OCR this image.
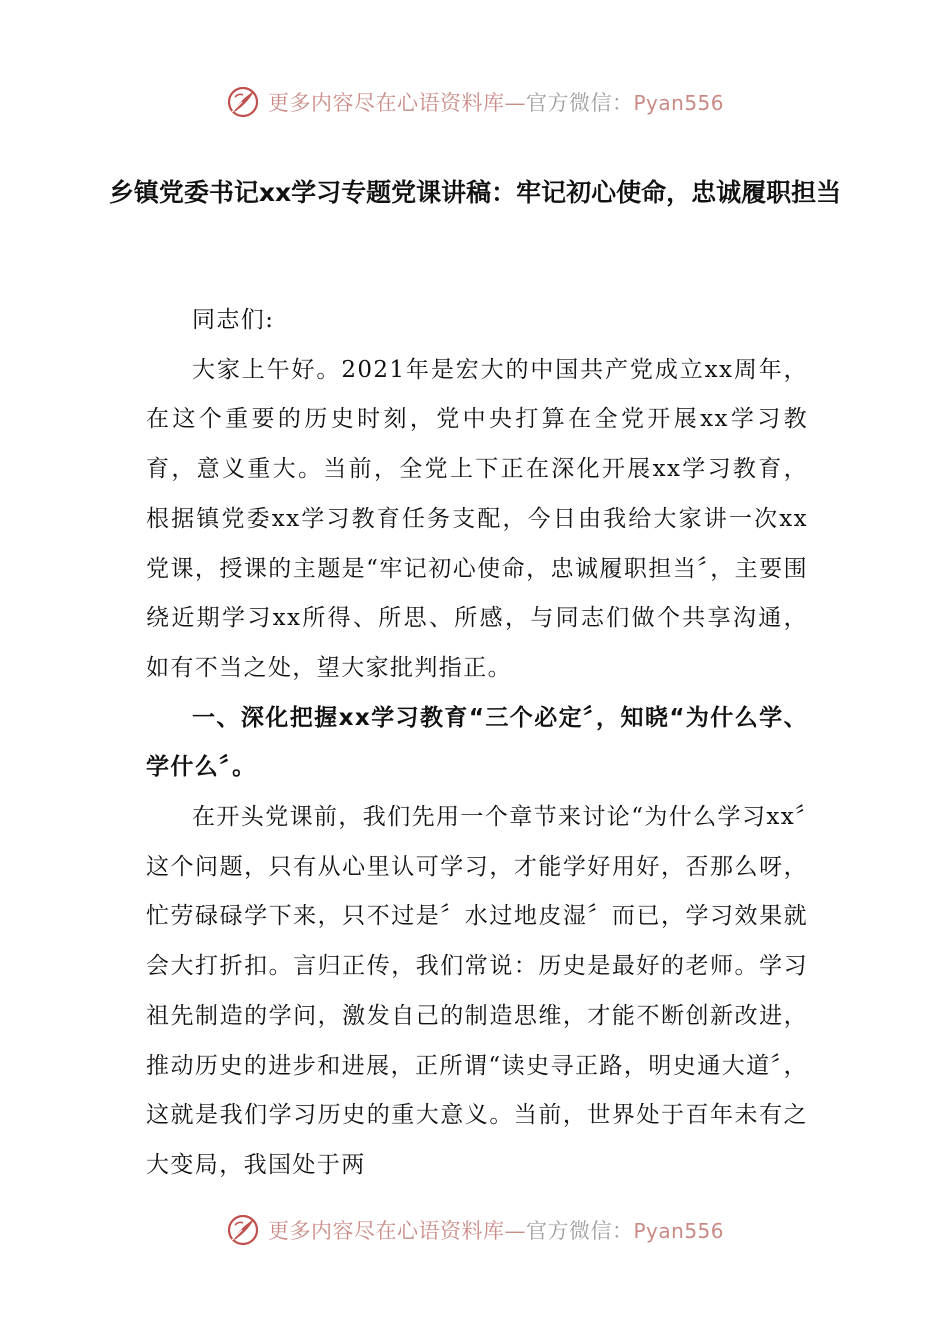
更多内容尽在心语资料库—官方微信：Pyan556
乡镇党委书记xx学习专题党课讲稿：牢记初心使命，忠诚履职担当

同志们:

大家上午好。2021年是宏大的中国共产党成立xx周年，在这个重要的历史时刻，党中央打算在全党开展xx学习教育，意义重大。当前，全党上下正在深化开展xx学习教育，根据镇党委xx学习教育任务支配，今日由我给大家讲一次xx党课，授课的主题是“牢记初心使命，忠诚履职担当〞，主要围绕近期学习xx所得、所思、所感，与同志们做个共享沟通，如有不当之处，望大家批判指正。

一、深化把握xx学习教育“三个必定〞，知晓“为什么学、学什么〞。

在开头党课前，我们先用一个章节来讨论“为什么学习xx〞这个问题，只有从心里认可学习，才能学好用好，否那么呀，忙劳碌碌学下来，只不过是〞水过地皮湿〞而已，学习效果就会大打折扣。言归正传，我们常说：历史是最好的老师。学习祖先制造的学问，激发自己的制造思维，才能不断创新改进，推动历史的进步和进展，正所谓“读史寻正路，明史通大道〞，这就是我们学习历史的重大意义。当前，世界处于百年未有之大变局，我国处于两

更多内容尽在心语资料库—官方微信：Pyan556
